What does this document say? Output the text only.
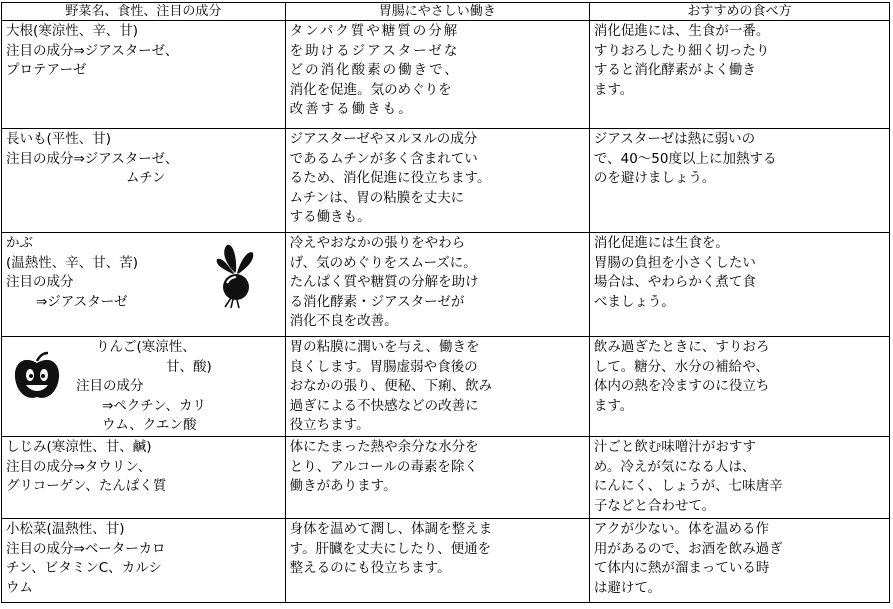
野菜名、食性、注目の成分	胃腸にやさしい働き	おすすめの食べ方

大根(寒涼性、辛、甘)
注目の成分⇒ジアスターゼ、
プロテアーゼ	タンパク質や糖質の分解
を助けるジアスターゼな
どの消化酸素の働きで、
消化を促進。気のめぐりを
改善する働きも。	消化促進には、生食が一番。
すりおろしたり細く切ったり
すると消化酵素がよく働き
ます。

長いも(平性、甘)
注目の成分⇒ジアスターゼ、
ムチン	ジアスターゼやヌルヌルの成分
であるムチンが多く含まれてい
るため、消化促進に役立ちます。
ムチンは、胃の粘膜を丈夫に
する働きも。	ジアスターゼは熱に弱いの
で、40〜50度以上に加熱する
のを避けましょう。

かぶ
(温熱性、辛、甘、苦)
注目の成分
⇒ジアスターゼ	冷えやおなかの張りをやわら
げ、気のめぐりをスムーズに。
たんぱく質や糖質の分解を助け
る消化酵素・ジアスターゼが
消化不良を改善。	消化促進には生食を。
胃腸の負担を小さくしたい
場合は、やわらかく煮て食
べましょう。

りんご(寒涼性、
甘、酸)
注目の成分
⇒ペクチン、カリ
ウム、クエン酸	胃の粘膜に潤いを与え、働きを
良くします。胃腸虚弱や食後の
おなかの張り、便秘、下痢、飲み
過ぎによる不快感などの改善に
役立ちます。	飲み過ぎたときに、すりおろ
して。糖分、水分の補給や、
体内の熱を冷ますのに役立ち
ます。

しじみ(寒涼性、甘、鹹)
注目の成分⇒タウリン、
グリコーゲン、たんぱく質	体にたまった熱や余分な水分を
とり、アルコールの毒素を除く
働きがあります。	汁ごと飲む味噌汁がおすす
め。冷えが気になる人は、
にんにく、しょうが、七味唐辛
子などと合わせて。

小松菜(温熱性、甘)
注目の成分⇒ベーターカロ
チン、ビタミンC、カルシ
ウム	身体を温めて潤し、体調を整えま
す。肝臓を丈夫にしたり、便通を
整えるのにも役立ちます。	アクが少ない。体を温める作
用があるので、お酒を飲み過ぎ
て体内に熱が溜まっている時
は避けて。
